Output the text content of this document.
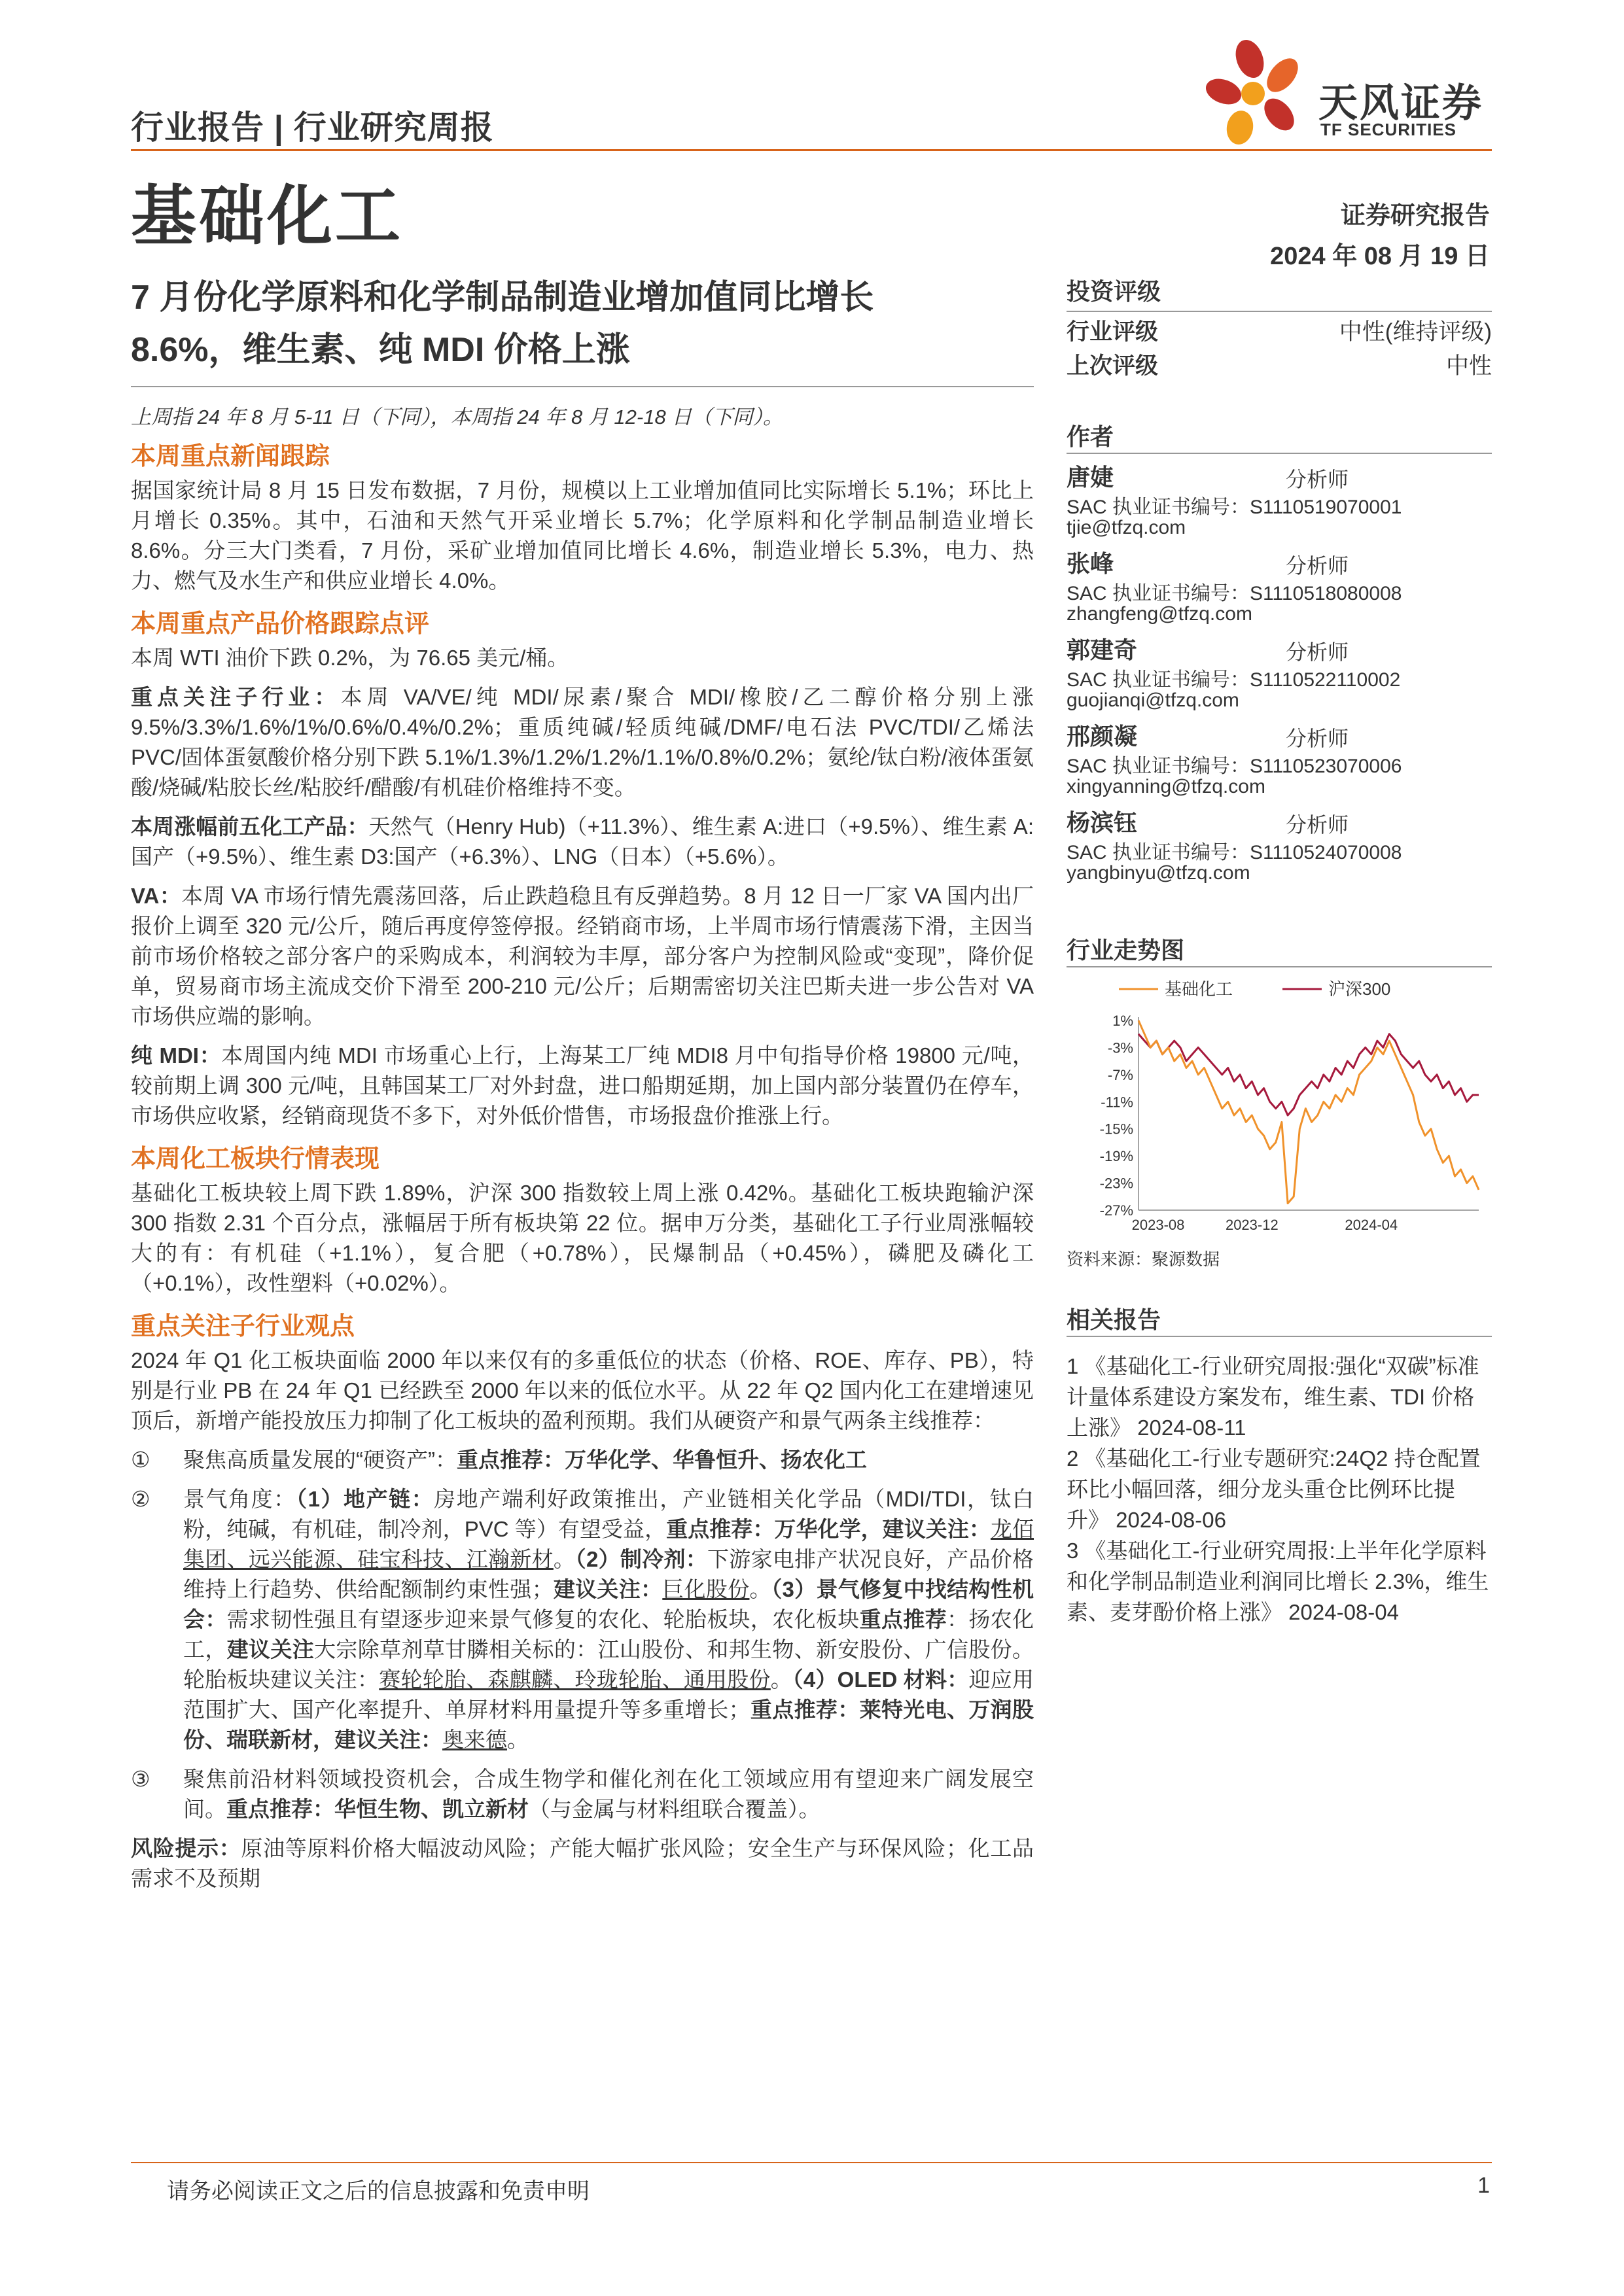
行业报告 | 行业研究周报
基础化工
天风证券
TF SECURITIES
证券研究报告
2024 年 08 月 19 日
7 月份化学原料和化学制品制造业增加值同比增长
8.6%，维生素、纯 MDI 价格上涨
上周指 24 年 8 月 5-11 日（下同），本周指 24 年 8 月 12-18 日（下同）。
本周重点新闻跟踪
据国家统计局 8 月 15 日发布数据，7 月份，规模以上工业增加值同比实际增长 5.1%；环比上月增长 0.35%。其中，石油和天然气开采业增长 5.7%；化学原料和化学制品制造业增长 8.6%。分三大门类看，7 月份，采矿业增加值同比增长 4.6%，制造业增长 5.3%，电力、热力、燃气及水生产和供应业增长 4.0%。
本周重点产品价格跟踪点评
本周 WTI 油价下跌 0.2%，为 76.65 美元/桶。
重点关注子行业：本周 VA/VE/纯 MDI/尿素/聚合 MDI/橡胶/乙二醇价格分别上涨 9.5%/3.3%/1.6%/1%/0.6%/0.4%/0.2%；重质纯碱/轻质纯碱/DMF/电石法 PVC/TDI/乙烯法 PVC/固体蛋氨酸价格分别下跌 5.1%/1.3%/1.2%/1.2%/1.1%/0.8%/0.2%；氨纶/钛白粉/液体蛋氨酸/烧碱/粘胶长丝/粘胶纤/醋酸/有机硅价格维持不变。
本周涨幅前五化工产品：天然气（Henry Hub)（+11.3%）、维生素 A:进口（+9.5%）、维生素 A:国产（+9.5%）、维生素 D3:国产（+6.3%）、LNG（日本）（+5.6%）。
VA：本周 VA 市场行情先震荡回落，后止跌趋稳且有反弹趋势。8 月 12 日一厂家 VA 国内出厂报价上调至 320 元/公斤，随后再度停签停报。经销商市场，上半周市场行情震荡下滑，主因当前市场价格较之部分客户的采购成本，利润较为丰厚，部分客户为控制风险或“变现”，降价促单，贸易商市场主流成交价下滑至 200-210 元/公斤；后期需密切关注巴斯夫进一步公告对 VA 市场供应端的影响。
纯 MDI：本周国内纯 MDI 市场重心上行，上海某工厂纯 MDI8 月中旬指导价格 19800 元/吨，较前期上调 300 元/吨，且韩国某工厂对外封盘，进口船期延期，加上国内部分装置仍在停车，市场供应收紧，经销商现货不多下，对外低价惜售，市场报盘价推涨上行。
本周化工板块行情表现
基础化工板块较上周下跌 1.89%，沪深 300 指数较上周上涨 0.42%。基础化工板块跑输沪深 300 指数 2.31 个百分点，涨幅居于所有板块第 22 位。据申万分类，基础化工子行业周涨幅较大的有：有机硅（+1.1%），复合肥（+0.78%），民爆制品（+0.45%），磷肥及磷化工（+0.1%），改性塑料（+0.02%）。
重点关注子行业观点
2024 年 Q1 化工板块面临 2000 年以来仅有的多重低位的状态（价格、ROE、库存、PB），特别是行业 PB 在 24 年 Q1 已经跌至 2000 年以来的低位水平。从 22 年 Q2 国内化工在建增速见顶后，新增产能投放压力抑制了化工板块的盈利预期。我们从硬资产和景气两条主线推荐：
①	聚焦高质量发展的“硬资产”：重点推荐：万华化学、华鲁恒升、扬农化工
②	景气角度：（1）地产链：房地产端利好政策推出，产业链相关化学品（MDI/TDI，钛白粉，纯碱，有机硅，制冷剂，PVC 等）有望受益，重点推荐：万华化学，建议关注：龙佰集团、远兴能源、硅宝科技、江瀚新材。（2）制冷剂：下游家电排产状况良好，产品价格维持上行趋势、供给配额制约束性强；建议关注：巨化股份。（3）景气修复中找结构性机会：需求韧性强且有望逐步迎来景气修复的农化、轮胎板块，农化板块重点推荐：扬农化工，建议关注大宗除草剂草甘膦相关标的：江山股份、和邦生物、新安股份、广信股份。轮胎板块建议关注：赛轮轮胎、森麒麟、玲珑轮胎、通用股份。（4）OLED 材料：迎应用范围扩大、国产化率提升、单屏材料用量提升等多重增长；重点推荐：莱特光电、万润股份、瑞联新材，建议关注：奥来德。
③	聚焦前沿材料领域投资机会，合成生物学和催化剂在化工领域应用有望迎来广阔发展空间。重点推荐：华恒生物、凯立新材（与金属与材料组联合覆盖）。
风险提示：原油等原料价格大幅波动风险；产能大幅扩张风险；安全生产与环保风险；化工品需求不及预期
投资评级
行业评级	中性(维持评级)
上次评级	中性
作者
唐婕	分析师
SAC 执业证书编号：S1110519070001
tjie@tfzq.com
张峰	分析师
SAC 执业证书编号：S1110518080008
zhangfeng@tfzq.com
郭建奇	分析师
SAC 执业证书编号：S1110522110002
guojianqi@tfzq.com
邢颜凝	分析师
SAC 执业证书编号：S1110523070006
xingyanning@tfzq.com
杨滨钰	分析师
SAC 执业证书编号：S1110524070008
yangbinyu@tfzq.com
行业走势图
基础化工	沪深300
1%
-3%
-7%
-11%
-15%
-19%
-23%
-27%
2023-08	2023-12	2024-04
资料来源：聚源数据
相关报告
1 《基础化工-行业研究周报:强化“双碳”标准计量体系建设方案发布，维生素、TDI 价格上涨》 2024-08-11
2 《基础化工-行业专题研究:24Q2 持仓配置环比小幅回落，细分龙头重仓比例环比提升》 2024-08-06
3 《基础化工-行业研究周报:上半年化学原料和化学制品制造业利润同比增长 2.3%，维生素、麦芽酚价格上涨》 2024-08-04
请务必阅读正文之后的信息披露和免责申明	1
